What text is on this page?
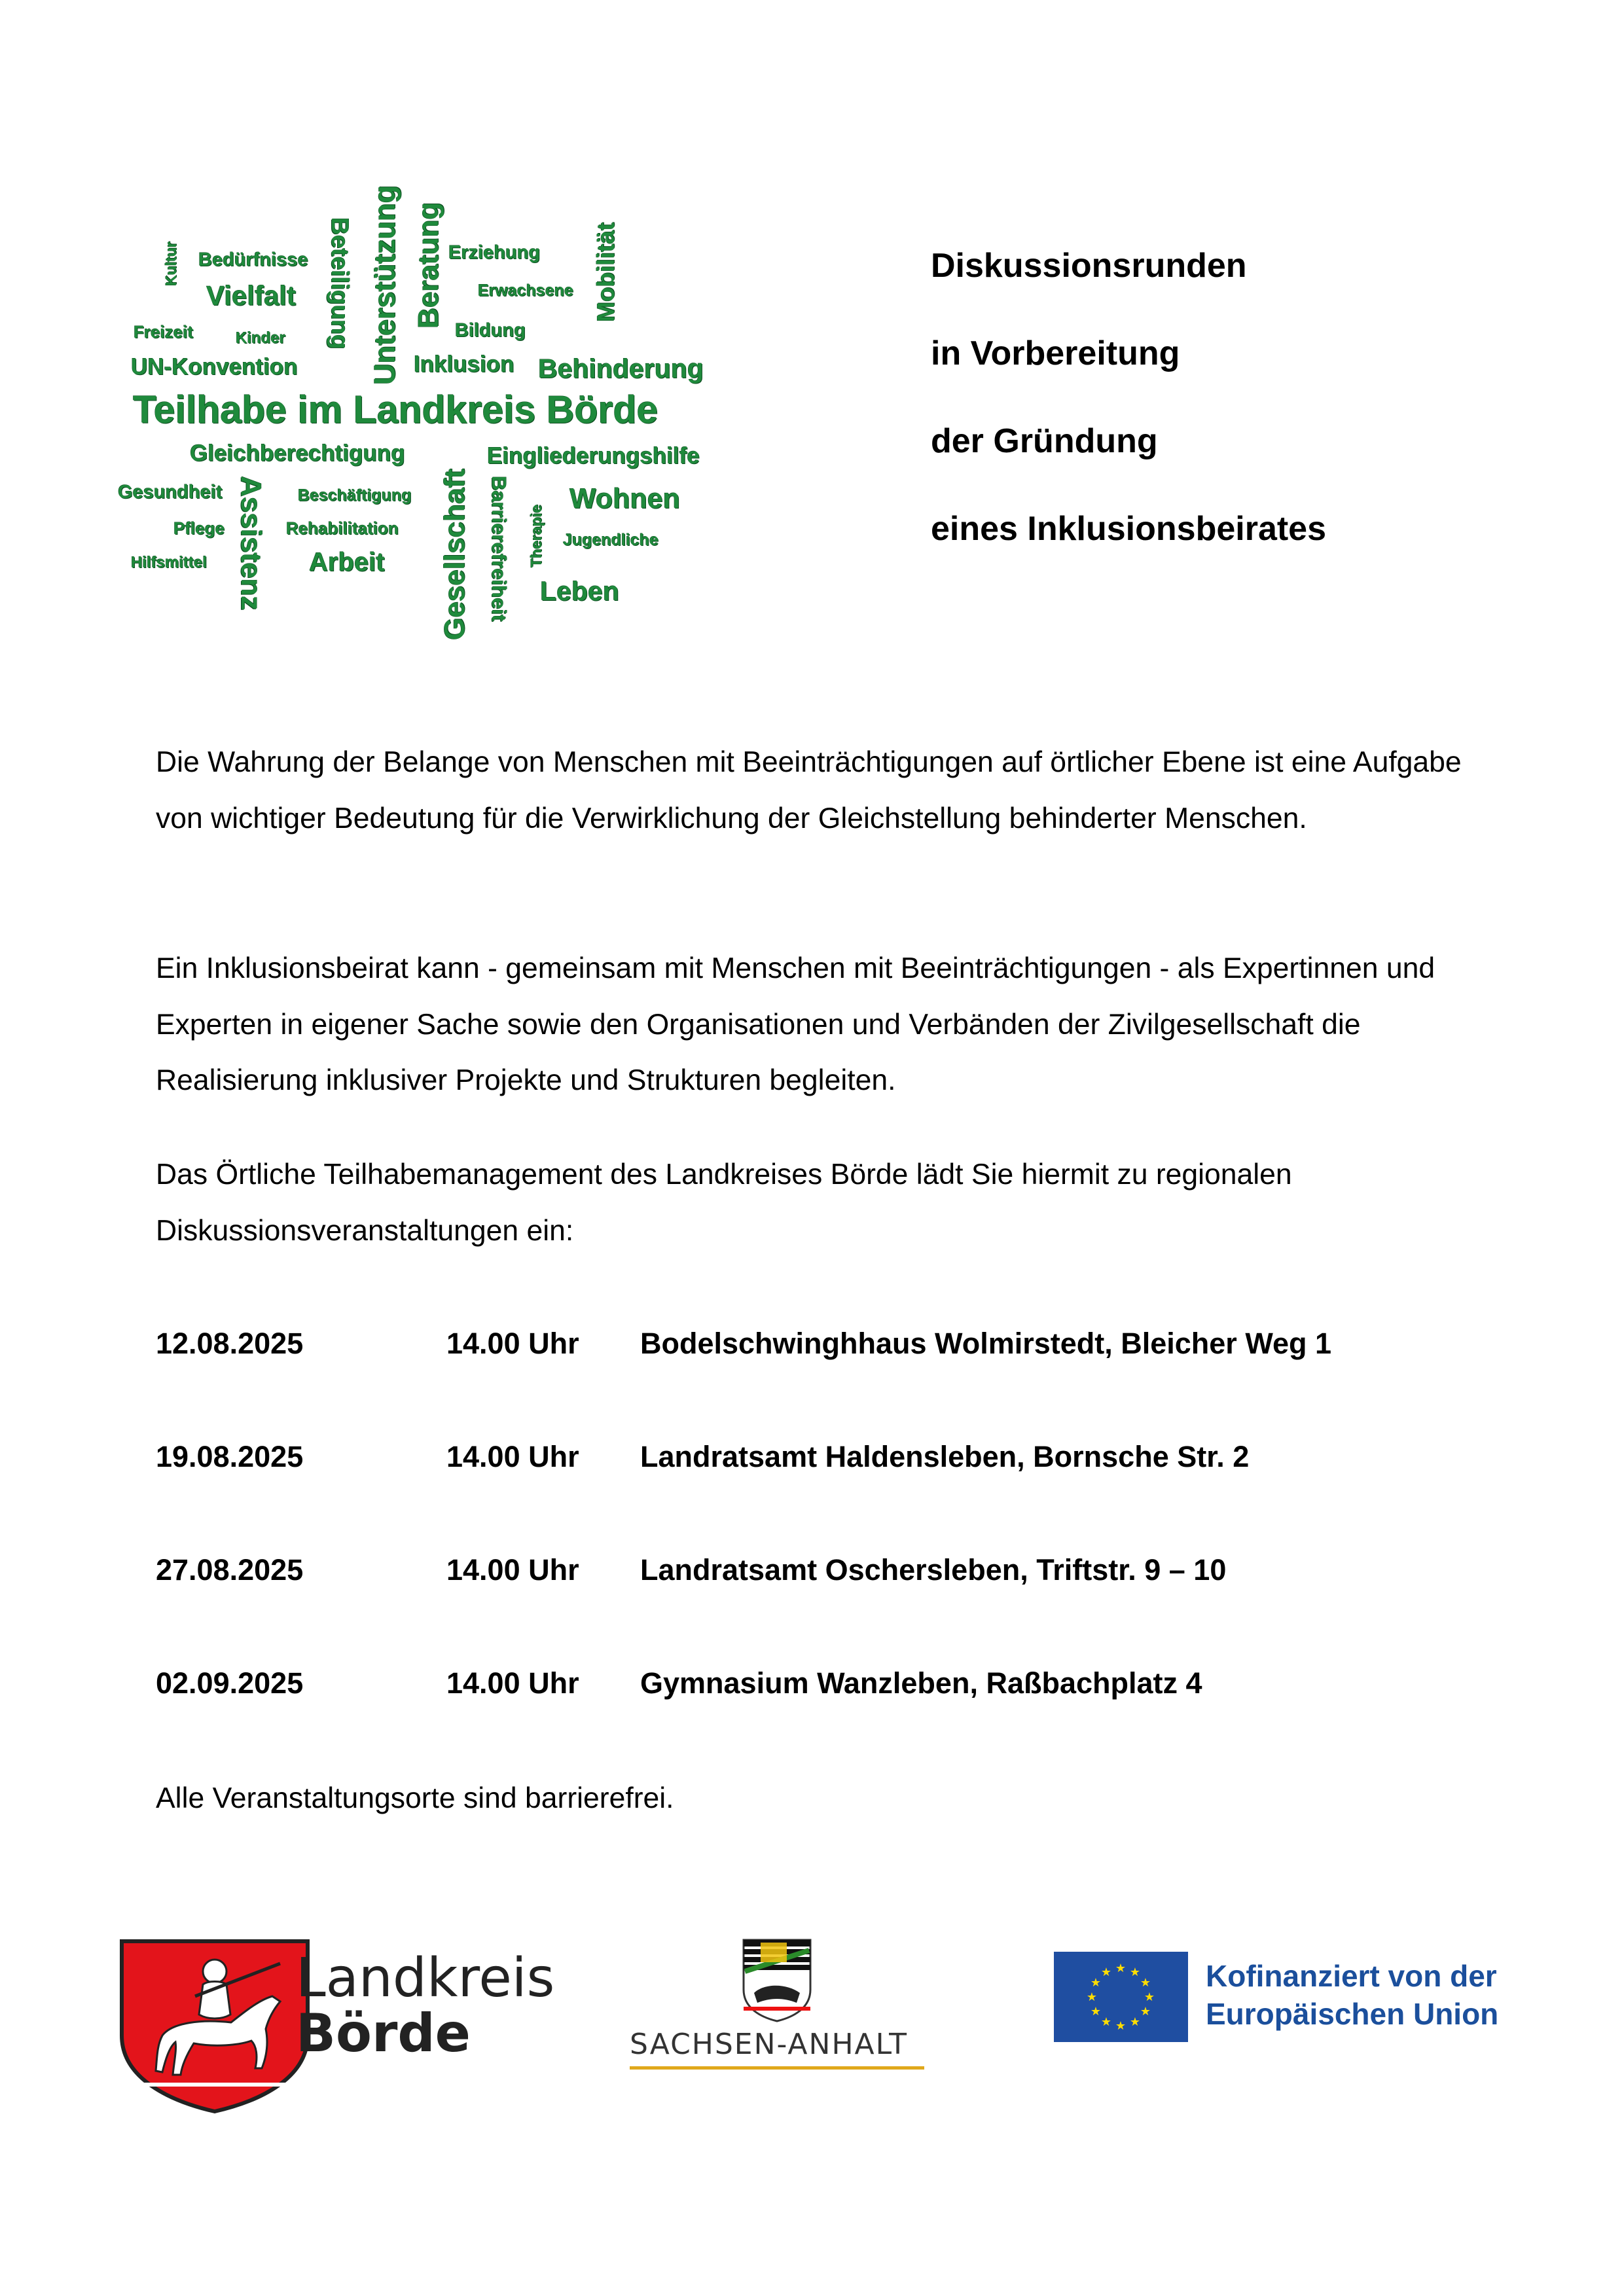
Bedürfnisse
Vielfalt
Erziehung
Erwachsene
Freizeit	Kinder	Bildung
UN-Konvention	Inklusion Behinderung
Teilhabe im Landkreis Börde
Gleichberechtigung	Eingliederungshilfe
Gesundheit	Beschäftigung	Wohnen
Pflege	Rehabilitation
Jugendliche
Hilfsmittel	Arbeit
Leben
Kultur	Unterstützung Beratung	Mobilität
Gesellschaft	Therapie
Beteiligung
Assistenz	Barrierefreiheit
Diskussionsrunden
in Vorbereitung
der Gründung
eines Inklusionsbeirates
Die Wahrung der Belange von Menschen mit Beeinträchtigungen auf örtlicher Ebene ist eine Aufgabe von wichtiger Bedeutung für die Verwirklichung der Gleichstellung behinderter Menschen.
Ein Inklusionsbeirat kann - gemeinsam mit Menschen mit Beeinträchtigungen - als Expertinnen und Experten in eigener Sache sowie den Organisationen und Verbänden der Zivilgesellschaft die Realisierung inklusiver Projekte und Strukturen begleiten.
Das Örtliche Teilhabemanagement des Landkreises Börde lädt Sie hiermit zu regionalen Diskussionsveranstaltungen ein:
12.08.2025	14.00 Uhr Bodelschwinghhaus Wolmirstedt, Bleicher Weg 1
19.08.2025	14.00 Uhr Landratsamt Haldensleben, Bornsche Str. 2
27.08.2025	14.00 Uhr Landratsamt Oschersleben, Triftstr. 9 – 10
02.09.2025	14.00 Uhr Gymnasium Wanzleben, Raßbachplatz 4
Alle Veranstaltungsorte sind barrierefrei.
Landkreis
Börde	SACHSEN-ANHALT
★ ★
★
★
★
★
★
★
★
★
★
★	Kofinanziert von der
Europäischen Union
